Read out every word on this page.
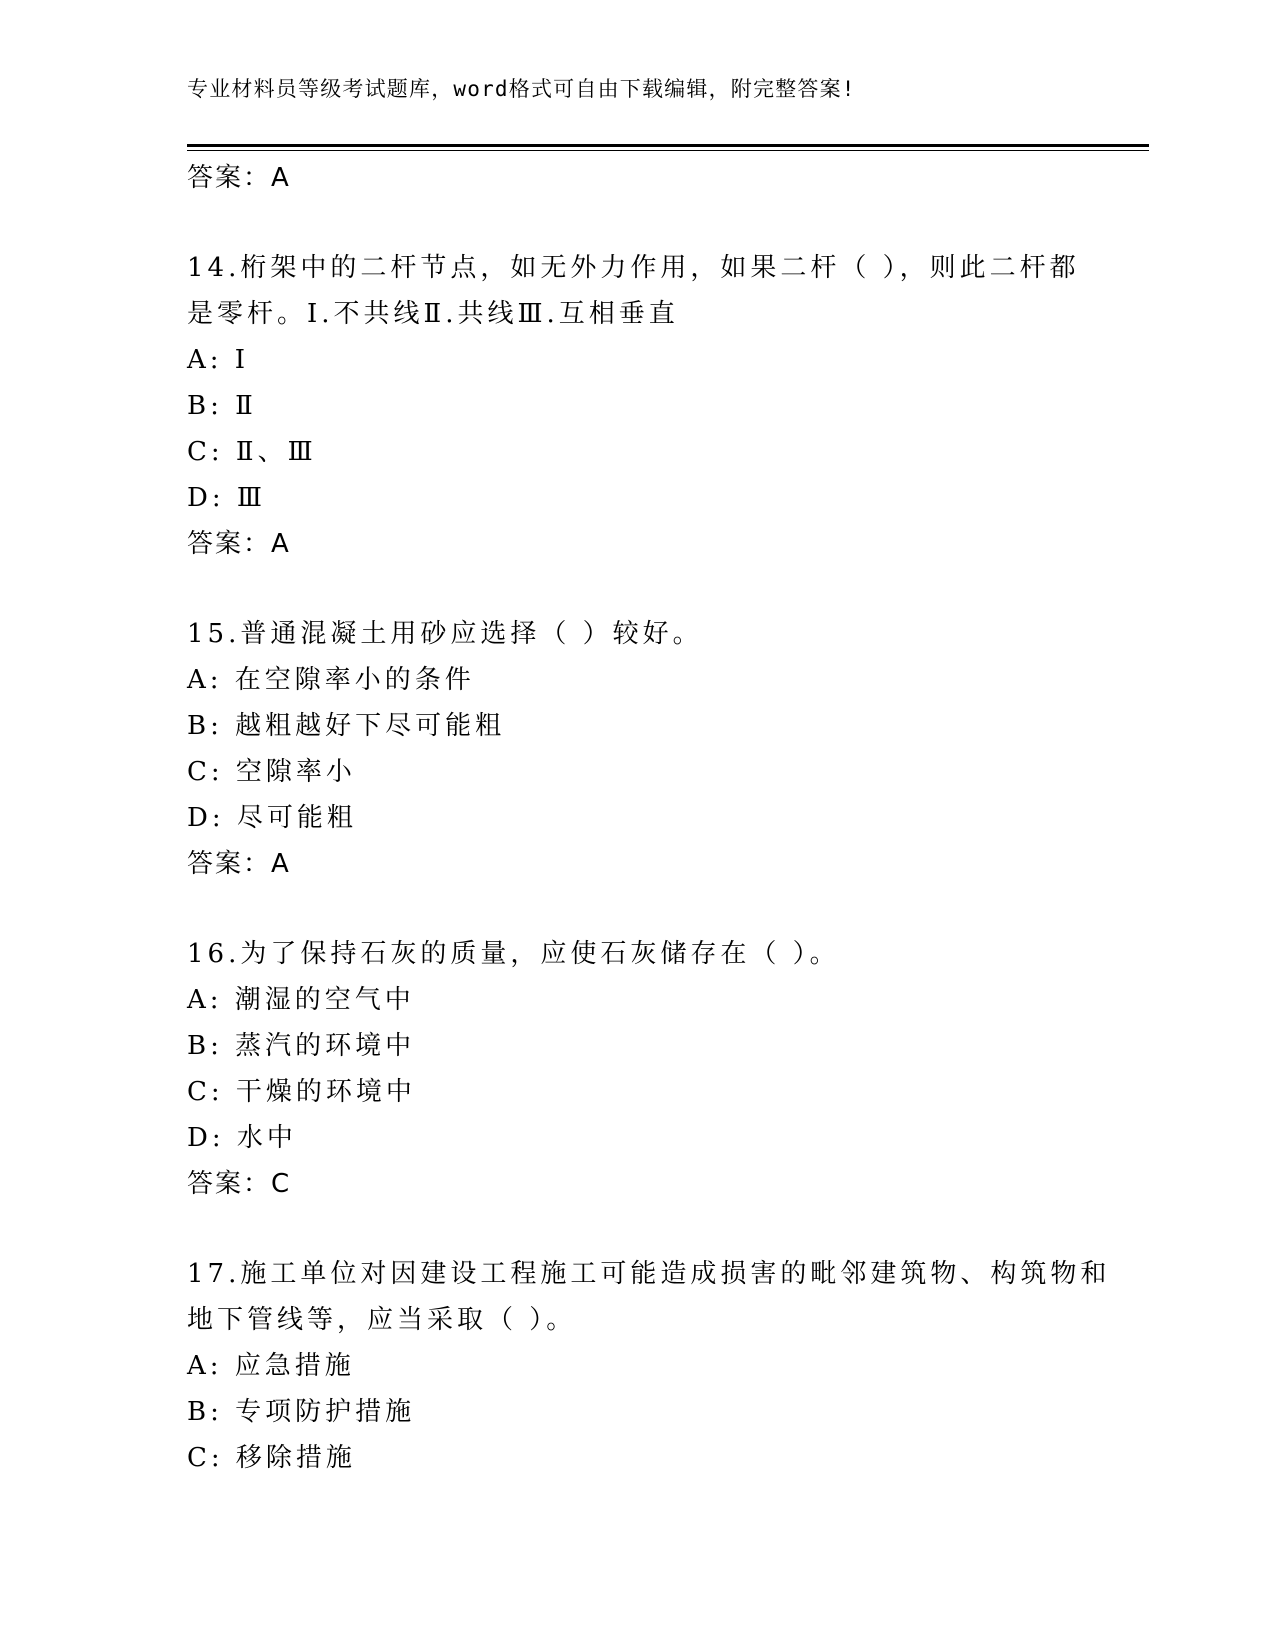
专业材料员等级考试题库，word格式可自由下载编辑，附完整答案!
答案：A

14.桁架中的二杆节点，如无外力作用，如果二杆（ ），则此二杆都

是零杆。I.不共线Ⅱ.共线Ⅲ.互相垂直

A: I

B: Ⅱ

C: Ⅱ、Ⅲ

D: Ⅲ

答案：A

15.普通混凝土用砂应选择（ ）较好。

A: 在空隙率小的条件

B: 越粗越好下尽可能粗

C: 空隙率小

D: 尽可能粗

答案：A

16.为了保持石灰的质量，应使石灰储存在（ ）。

A: 潮湿的空气中

B: 蒸汽的环境中

C: 干燥的环境中

D: 水中

答案：C

17.施工单位对因建设工程施工可能造成损害的毗邻建筑物、构筑物和

地下管线等，应当采取（ ）。

A: 应急措施

B: 专项防护措施

C: 移除措施
